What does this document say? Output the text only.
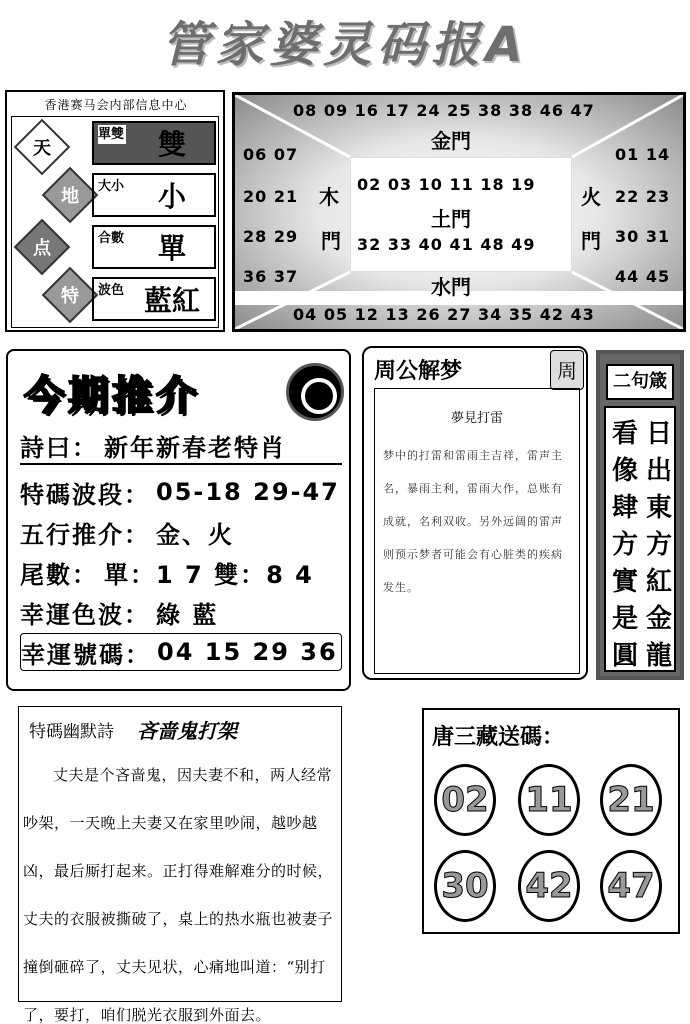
管家婆灵码报A
香港赛马会内部信息中心
天
地
点
特
單雙	雙
大小	小
合數	單
波色 藍紅
08 09 16 17 24 25 38 38 46 47
金門
06 07
20 21
28 29
36 37
木
門
01 14
22 23
30 31
44 45
火
門
02 03 10 11 18 19
土門
32 33 40 41 48 49
水門
04 05 12 13 26 27 34 35 42 43
今期推介
詩曰： 新年新春老特肖
特碼波段： 05-18 29-47
五行推介： 金、火
尾數： 單：1 7 雙：8 4
幸運色波： 綠 藍
幸運號碼： 04 15 29 36
周公解梦	周
夢見打雷
梦中的打雷和雷雨主吉祥，雷声主名，暴雨主利，雷雨大作，总账有成就，名利双收。另外远阔的雷声则预示梦者可能会有心脏类的疾病发生。
二句箴
日出東方紅金龍
看像肆方實是圓
特碼幽默詩 吝啬鬼打架
丈夫是个吝啬鬼，因夫妻不和，两人经常吵架，一天晚上夫妻又在家里吵闹，越吵越凶，最后厮打起来。正打得难解难分的时候，丈夫的衣服被撕破了，桌上的热水瓶也被妻子撞倒砸碎了，丈夫见状，心痛地叫道：“别打了，要打，咱们脱光衣服到外面去。
唐三藏送碼：
02 11 21
30 42 47
